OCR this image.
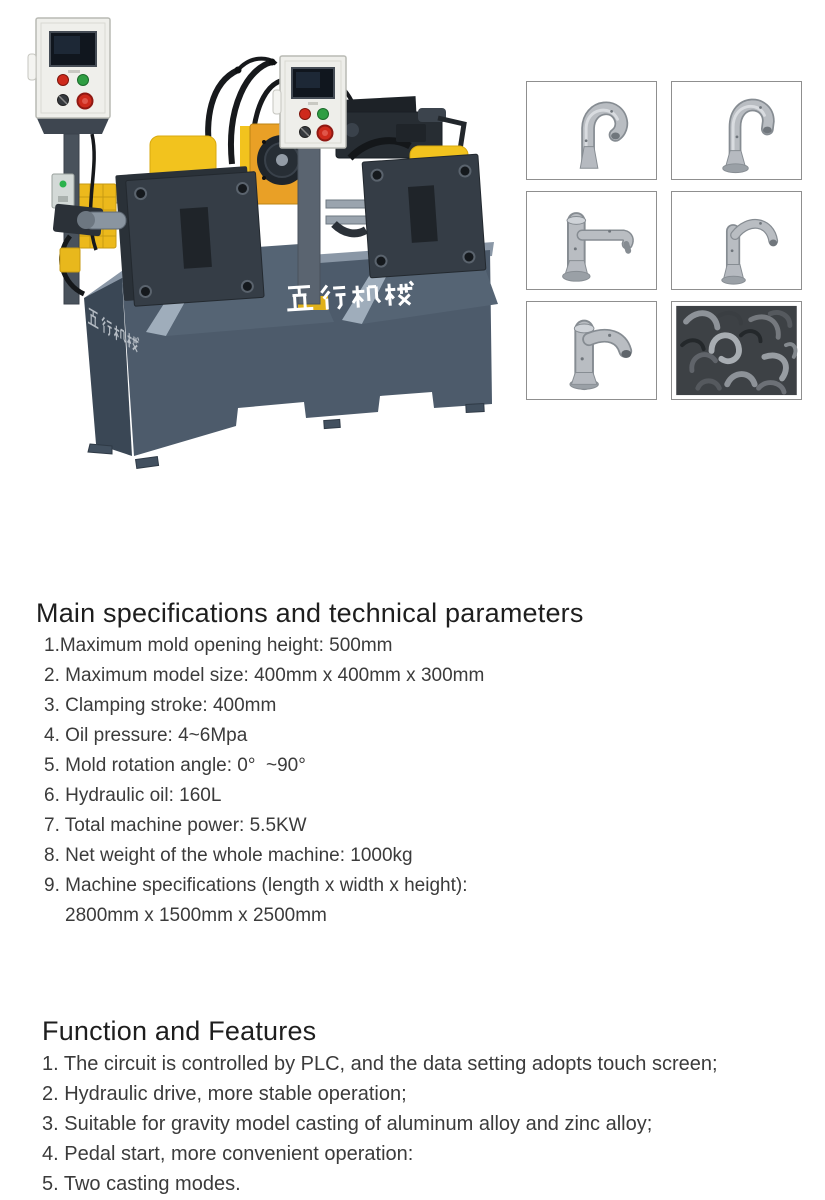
Main specifications and technical parameters
1.Maximum mold opening height: 500mm
2. Maximum model size: 400mm x 400mm x 300mm
3. Clamping stroke: 400mm
4. Oil pressure: 4~6Mpa
5. Mold rotation angle: 0°  ~90°
6. Hydraulic oil: 160L
7. Total machine power: 5.5KW
8. Net weight of the whole machine: 1000kg
9. Machine specifications (length x width x height):
2800mm x 1500mm x 2500mm
Function and Features
1. The circuit is controlled by PLC, and the data setting adopts touch screen;
2. Hydraulic drive, more stable operation;
3. Suitable for gravity model casting of aluminum alloy and zinc alloy;
4. Pedal start, more convenient operation:
5. Two casting modes.
